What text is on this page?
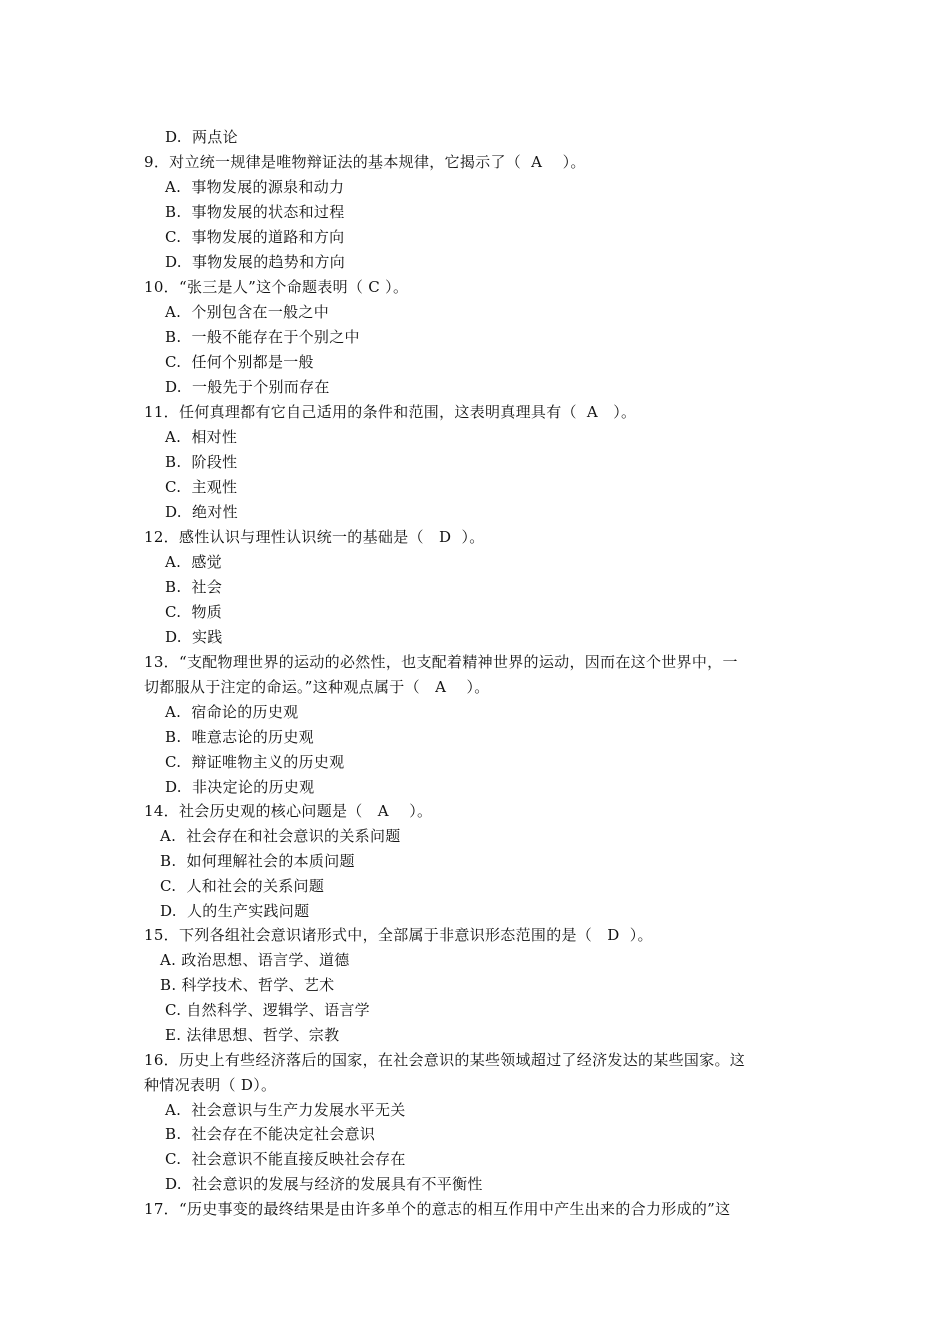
D.  两点论
9．对立统一规律是唯物辩证法的基本规律，它揭示了（  A    ）。
A.  事物发展的源泉和动力
B.  事物发展的状态和过程
C.  事物发展的道路和方向
D.  事物发展的趋势和方向
10．“张三是人”这个命题表明（ C ）。
A.  个别包含在一般之中
B.  一般不能存在于个别之中
C.  任何个别都是一般
D.  一般先于个别而存在
11．任何真理都有它自己适用的条件和范围，这表明真理具有（  A   ）。
A.  相对性
B.  阶段性
C.  主观性
D.  绝对性
12．感性认识与理性认识统一的基础是（   D  ）。
A.  感觉
B.  社会
C.  物质
D.  实践
13．“支配物理世界的运动的必然性，也支配着精神世界的运动，因而在这个世界中，一
切都服从于注定的命运。”这种观点属于（   A    ）。
A.  宿命论的历史观
B.  唯意志论的历史观
C.  辩证唯物主义的历史观
D.  非决定论的历史观
14．社会历史观的核心问题是（   A    ）。
A.  社会存在和社会意识的关系问题
B.  如何理解社会的本质问题
C.  人和社会的关系问题
D.  人的生产实践问题
15．下列各组社会意识诸形式中，全部属于非意识形态范围的是（   D  ）。
A. 政治思想、语言学、道德
B. 科学技术、哲学、艺术
C. 自然科学、逻辑学、语言学
E. 法律思想、哲学、宗教
16．历史上有些经济落后的国家，在社会意识的某些领域超过了经济发达的某些国家。这
种情况表明（ D）。
A.  社会意识与生产力发展水平无关
B.  社会存在不能决定社会意识
C.  社会意识不能直接反映社会存在
D.  社会意识的发展与经济的发展具有不平衡性
17．“历史事变的最终结果是由许多单个的意志的相互作用中产生出来的合力形成的”这
